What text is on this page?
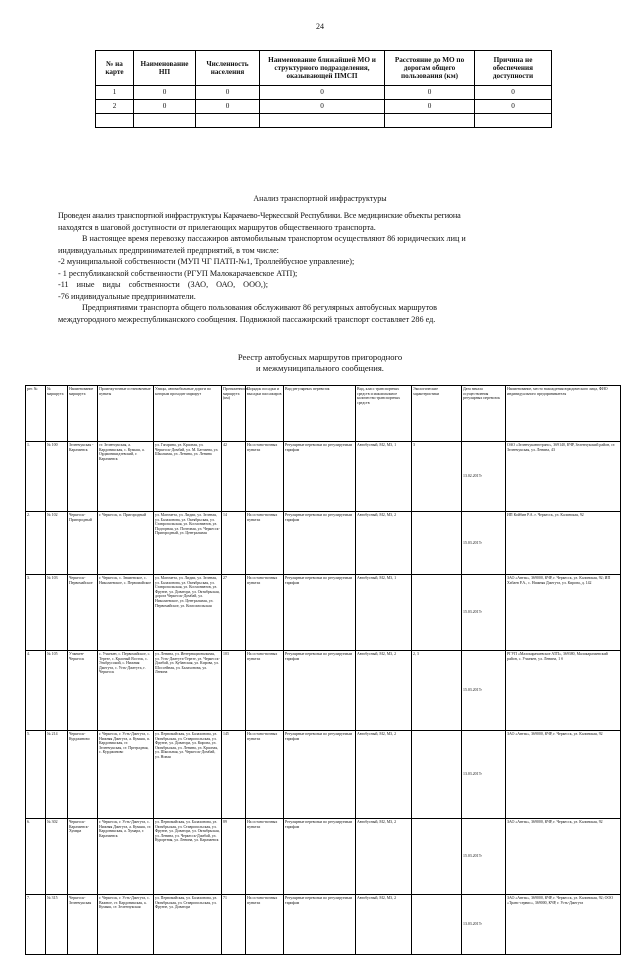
24
№ на карте	Наименование НП	Численность населения	Наименование ближайшей МО и структурного подразделения, оказывающей ПМСП	Расстояние до МО по дорогам общего пользования (км)	Причина не обеспечения доступности
1	0	0	0	0	0
2	0	0	0	0	0

Анализ транспортной инфраструктуры
Проведен анализ транспортной инфраструктуры Карачаево-Черкесской Республики. Все медицинские объекты региона
находятся в шаговой доступности от прилегающих маршрутов общественного транспорта.
В настоящее время перевозку пассажиров автомобильным транспортом осуществляют 86 юридических лиц и
индивидуальных предпринимателей предприятий, в том числе:
-2 муниципальной собственности (МУП ЧГ ПАТП-№1, Троллейбусное управление);
- 1 республиканской собственности (РГУП Малокарачаевское АТП);
-11 иные виды собственности (ЗАО, ОАО, ООО,);
-76 индивидуальные предприниматели.
Предприятиями транспорта общего пользования обслуживают 86 регулярных автобусных маршрутов
междугородного межреспубликанского сообщения. Подвижной пассажирский транспорт составляет 286 ед.
Реестр автобусных маршрутов пригородного
и межмуниципального сообщения.
рег. №	№ маршрута	Наименование маршрута	Промежуточные остановочные пункты	Улицы, автомобильные дороги по которым проходит маршрут	Протяженность маршрута (км)	Порядок посадки и высадки пассажиров	Вид регулярных перевозок	Вид, класс транспортных средств и максимальное количество транспортных средств	Экологические характеристики	Дата начала осуществления регулярных перевозок	Наименование, место нахождения юридического лица, ФИО индивидуального предпринимателя
1.	№ 100	Зеленчукская - Карачаевск	ст. Зеленчукская, а. Кардоникская, с. Кумыш, а. Орджоникидзевский, г. Карачаевск	ул. Гагарина, ул. Красная, ул. Черкесск-Домбай, ул. М. Батчаева, ул. Школьная, ул. Ленина, ул. Ленина	42	На остано-вочных пунктах	Регулярные перевозки по регулируемым тарифам	Автобусный, М2, М3, 1	3	13.02.2017г	ОАО «Зеленчукавтотранс», 369140, КЧР, Зеленчукский район, ст. Зеленчукская, ул. Ленина, 43
2.	№ 102	Черкесск-Пригородный	г. Черкесск, п. Пригородный	ул. Магомета, ул. Лидии, ул. Зеленая, ул. Балахонова, ул. Октябрьская, ул. Ставропольская, ул. Космонавтов, ул. Подгорная, ул. Почтовая, ул. Черкесск-Пригородный, ул. Центральная	14	На остано-вочных пунктах	Регулярные перевозки по регулируемым тарифам	Автобусный, М2, М3, 2		15.03.2017г	ИП Койбин Р.А. г. Черкесск, ул. Калинская, 92
3.	№ 103	Черкесск-Первомайское	г. Черкесск, с. Знаменское, с. Николаевское, с. Первомайское	ул. Магомета, ул. Лидии, ул. Зеленая, ул. Балахонова, ул. Октябрьская, ул. Ставропольская, ул. Космонавтов, ул. Фрунзе, ул. Доватора, ул. Октябрьская, дорога Черкесск-Домбай, ул. Николаевское, ул. Центральная, ул. Первомайское, ул. Комсомольская	27	На остано-вочных пунктах	Регулярные перевозки по регулируемым тарифам	Автобусный, М2, М3, 1		15.03.2017г	ЗАО «Автэк», 369000, КЧР, г. Черкесск, ул. Калинская, 92; ИП Хабаев Р.А., с. Нижняя Джегута, ул. Кирова, д. 142
4.	№ 105	Учкекен-Черкесск	с. Учкекен, с. Первомайское, с. Терезе, с. Красный Восток, с. Эльбрусский, с. Нижняя Джегута, с. Усть-Джегута, г. Черкесск	ул. Ленина, ул. Интернациональная, ул. Усть-Джегута-Терезе, ул. Черкесск-Домбай, ул. Кубанская, ул. Кирова, ул. Шоссейная, ул. Балахонова, ул. Ленина	103	На остано-вочных пунктах	Регулярные перевозки по регулируемым тарифам	Автобусный, М2, М3, 2	2, 3	15.03.2017г	РГУП «Малокарачаевское АТП», 369380, Малокарачаевский район, с. Учкекен, ул. Ленина, 1 б
5.	№ 214	Черкесск-Курджиново	г. Черкесск, г. Усть-Джегута, с. Нижняя Джегута, а. Кумыш, п. Кардоникская, ст. Зеленчукская, ст. Преградная, с. Курджиново	ул. Первомайская, ул. Балахонова, ул. Октябрьская, ул. Ставропольская, ул. Фрунзе, ул. Доватора, ул. Кирова, ул. Октябрьская, ул. Ленина, ул. Красная, ул. Школьная, ул. Черкесск-Домбай, ул. Новая	145	На остано-вочных пунктах	Регулярные перевозки по регулируемым тарифам	Автобусный, М2, М3, 2		13.03.2017г	ЗАО «Автэк», 369000, КЧР, г. Черкесск, ул. Калинская, 92
6.	№ 302	Черкесск-Карачаевск-Хумара	г. Черкесск, г. Усть-Джегута, с. Нижняя Джегута, а. Кумыш, ст. Кардоникская, а. Хумара, г. Карачаевск	ул. Первомайская, ул. Балахонова, ул. Октябрьская, ул. Ставропольская, ул. Фрунзе, ул. Доватора, ул. Октябрьская, ул. Ленина, ул. Черкесск-Домбай, ул. Курортная, ул. Ленина, ул. Карачаевск	89	На остано-вочных пунктах	Регулярные перевозки по регулируемым тарифам	Автобусный, М2, М3, 2		15.03.2017г	ЗАО «Автэк», 369000, КЧР, г. Черкесск, ул. Калинская, 92
7.	№ 315	Черкесск-Зеленчукская	г. Черкесск, г. Усть-Джегута, с. Важное, ст. Кардоникская, а. Кумыш, ст. Зеленчукская	ул. Первомайская, ул. Балахонова, ул. Октябрьская, ул. Ставропольская, ул. Фрунзе, ул. Доватора	71	На остано-вочных пунктах	Регулярные перевозки по регулируемым тарифам	Автобусный, М2, М3, 2		13.03.2017г	ЗАО «Автэк», 369000, КЧР, г. Черкесск, ул. Калинская, 92; ООО «Транс-сервис», 369000, КЧР, г. Усть-Джегута
